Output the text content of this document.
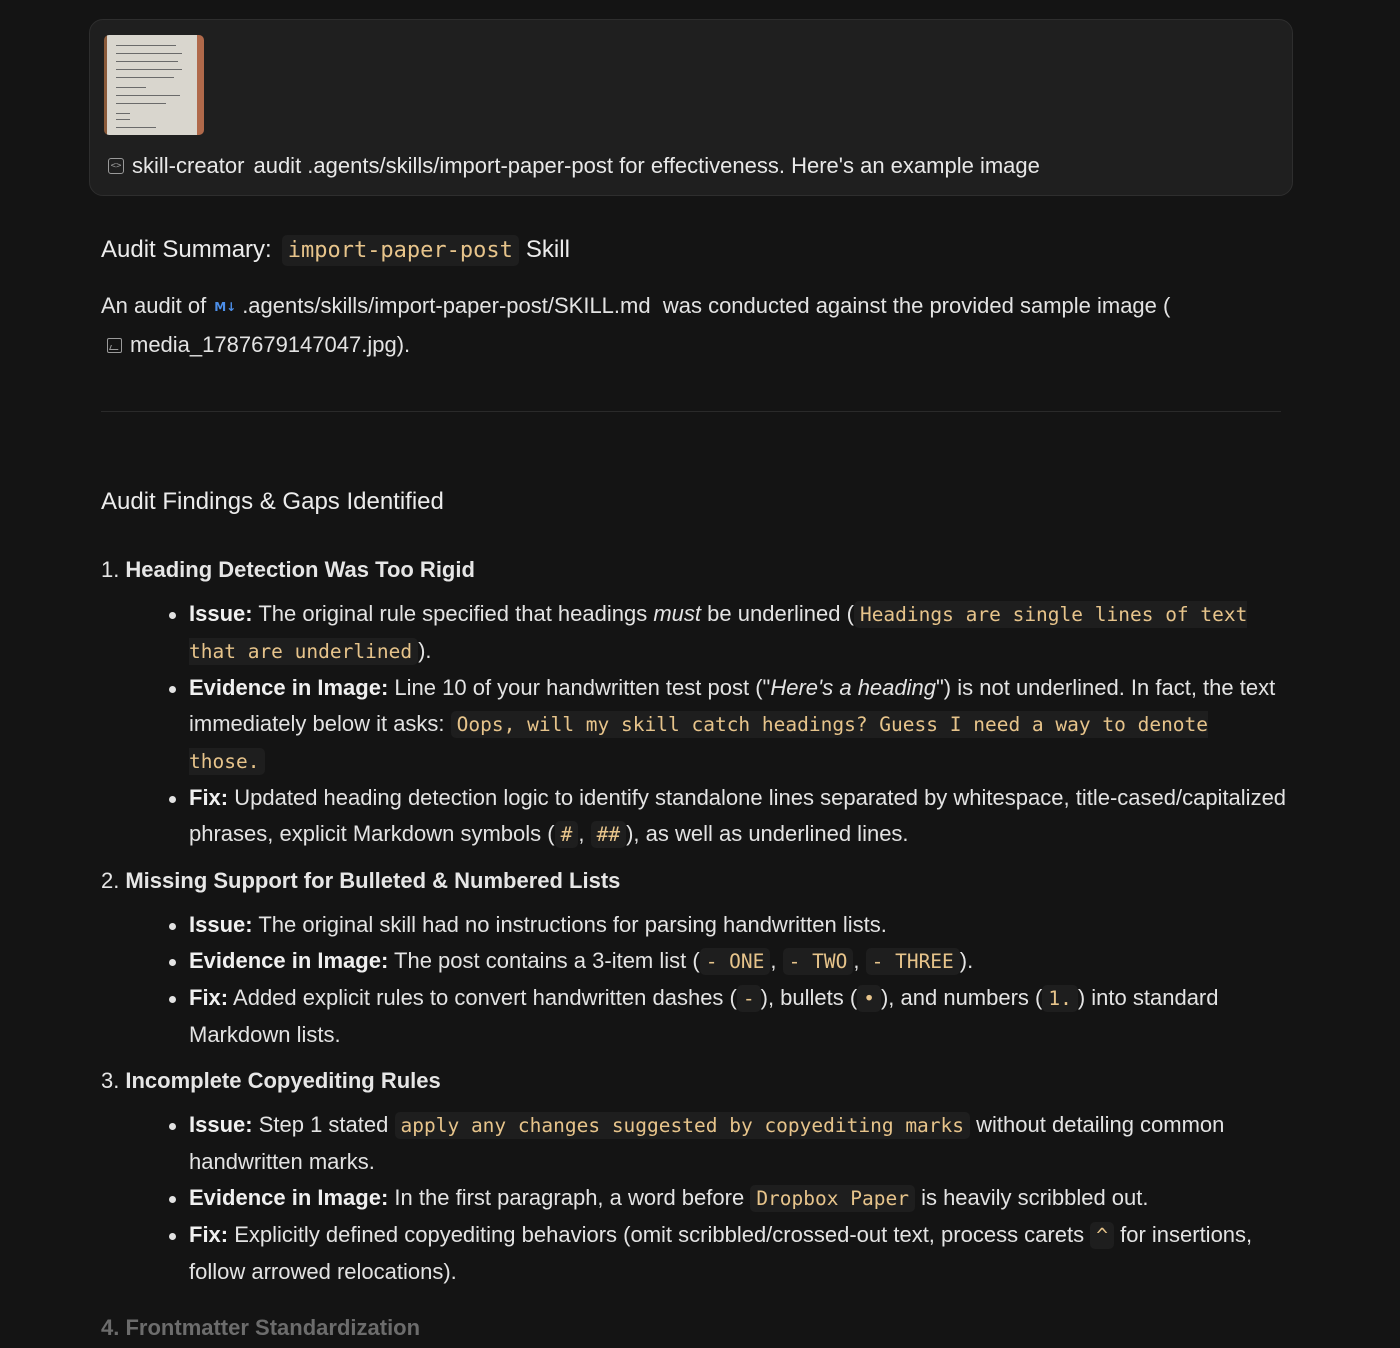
<> skill-creator audit .agents/skills/import-paper-post for effectiveness. Here's an example image
Audit Summary: import-paper-post Skill
An audit of M↓ .agents/skills/import-paper-post/SKILL.md was conducted against the provided sample image (
media_1787679147047.jpg).
Audit Findings & Gaps Identified
1. Heading Detection Was Too Rigid
Issue: The original rule specified that headings must be underlined ( Headings are single lines of text that are underlined ).
Evidence in Image: Line 10 of your handwritten test post ("Here's a heading") is not underlined. In fact, the text immediately below it asks: Oops, will my skill catch headings? Guess I need a way to denote those.
Fix: Updated heading detection logic to identify standalone lines separated by whitespace, title-cased/capitalized phrases, explicit Markdown symbols ( # , ## ), as well as underlined lines.
2. Missing Support for Bulleted & Numbered Lists
Issue: The original skill had no instructions for parsing handwritten lists.
Evidence in Image: The post contains a 3-item list ( - ONE , - TWO , - THREE ).
Fix: Added explicit rules to convert handwritten dashes ( - ), bullets ( • ), and numbers ( 1. ) into standard Markdown lists.
3. Incomplete Copyediting Rules
Issue: Step 1 stated apply any changes suggested by copyediting marks without detailing common handwritten marks.
Evidence in Image: In the first paragraph, a word before Dropbox Paper is heavily scribbled out.
Fix: Explicitly defined copyediting behaviors (omit scribbled/crossed-out text, process carets ^ for insertions, follow arrowed relocations).
4. Frontmatter Standardization
